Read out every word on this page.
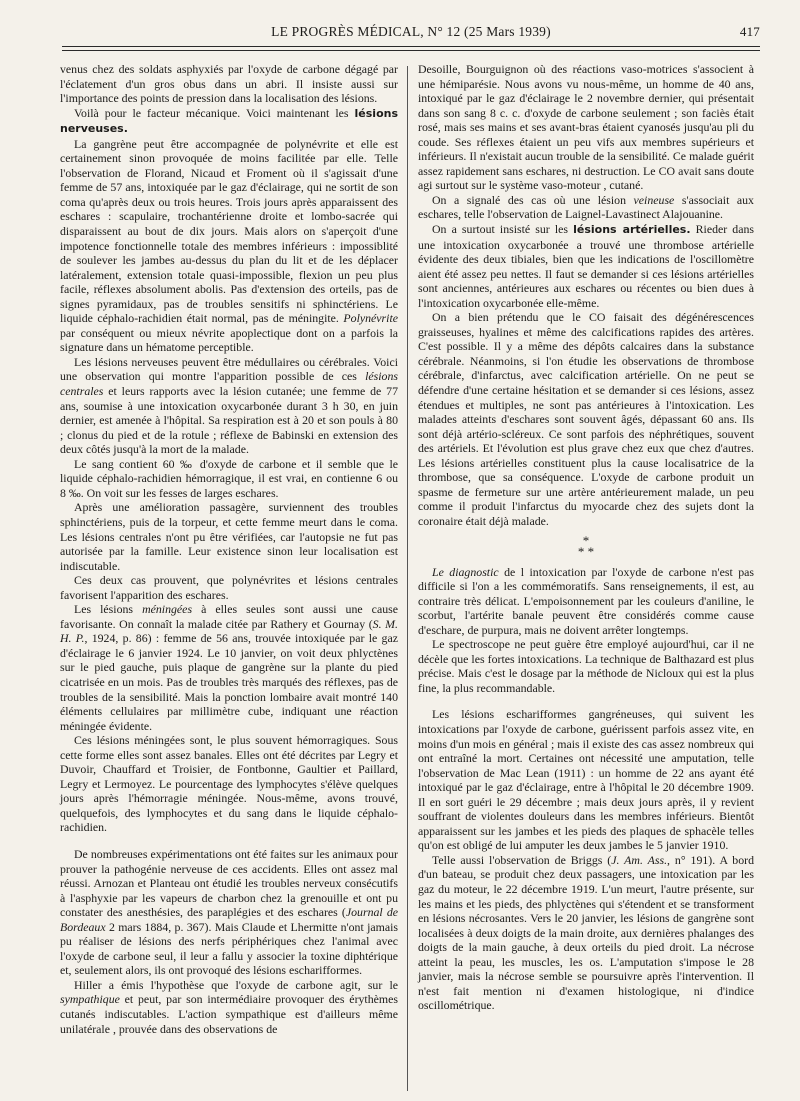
LE PROGRÈS MÉDICAL, N° 12 (25 Mars 1939)	417

venus chez des soldats asphyxiés par l'oxyde de carbone dégagé par l'éclatement d'un gros obus dans un abri. Il insiste aussi sur l'importance des points de pression dans la localisation des lésions.

Voilà pour le facteur mécanique. Voici maintenant les lésions nerveuses.

La gangrène peut être accompagnée de polynévrite et elle est certainement sinon provoquée de moins facilitée par elle. Telle l'observation de Florand, Nicaud et Froment où il s'agissait d'une femme de 57 ans, intoxiquée par le gaz d'éclairage, qui ne sortit de son coma qu'après deux ou trois heures. Trois jours après apparaissent des eschares : scapulaire, trochantérienne droite et lombo-sacrée qui disparaissent au bout de dix jours. Mais alors on s'aperçoit d'une impotence fonctionnelle totale des membres inférieurs : impossiblité de soulever les jambes au-dessus du plan du lit et de les déplacer latéralement, extension totale quasi-impossible, flexion un peu plus facile, réflexes absolument abolis. Pas d'extension des orteils, pas de signes pyramidaux, pas de troubles sensitifs ni sphinctériens. Le liquide céphalo-rachidien était normal, pas de méningite. Polynévrite par conséquent ou mieux névrite apoplectique dont on a parfois la signature dans un hématome perceptible.

Les lésions nerveuses peuvent être médullaires ou cérébrales. Voici une observation qui montre l'apparition possible de ces lésions centrales et leurs rapports avec la lésion cutanée; une femme de 77 ans, soumise à une intoxication oxycarbonée durant 3 h 30, en juin dernier, est amenée à l'hôpital. Sa respiration est à 20 et son pouls à 80 ; clonus du pied et de la rotule ; réflexe de Babinski en extension des deux côtés jusqu'à la mort de la malade.

Le sang contient 60 ‰ d'oxyde de carbone et il semble que le liquide céphalo-rachidien hémorragique, il est vrai, en contienne 6 ou 8 ‰. On voit sur les fesses de larges eschares.

Après une amélioration passagère, surviennent des troubles sphinctériens, puis de la torpeur, et cette femme meurt dans le coma. Les lésions centrales n'ont pu être vérifiées, car l'autopsie ne fut pas autorisée par la famille. Leur existence sinon leur localisation est indiscutable.

Ces deux cas prouvent, que polynévrites et lésions centrales favorisent l'apparition des eschares.

Les lésions méningées à elles seules sont aussi une cause favorisante. On connaît la malade citée par Rathery et Gournay (S. M. H. P., 1924, p. 86) : femme de 56 ans, trouvée intoxiquée par le gaz d'éclairage le 6 janvier 1924. Le 10 janvier, on voit deux phlyctènes sur le pied gauche, puis plaque de gangrène sur la plante du pied cicatrisée en un mois. Pas de troubles très marqués des réflexes, pas de troubles de la sensibilité. Mais la ponction lombaire avait montré 140 éléments cellulaires par millimètre cube, indiquant une réaction méningée évidente.

Ces lésions méningées sont, le plus souvent hémorragiques. Sous cette forme elles sont assez banales. Elles ont été décrites par Legry et Duvoir, Chauffard et Troisier, de Fontbonne, Gaultier et Paillard, Legry et Lermoyez. Le pourcentage des lymphocytes s'élève quelques jours après l'hémorragie méningée. Nous-même, avons trouvé, quelquefois, des lymphocytes et du sang dans le liquide céphalo-rachidien.

De nombreuses expérimentations ont été faites sur les animaux pour prouver la pathogénie nerveuse de ces accidents. Elles ont assez mal réussi. Arnozan et Planteau ont étudié les troubles nerveux consécutifs à l'asphyxie par les vapeurs de charbon chez la grenouille et ont pu constater des anesthésies, des paraplégies et des eschares (Journal de Bordeaux 2 mars 1884, p. 367). Mais Claude et Lhermitte n'ont jamais pu réaliser de lésions des nerfs périphériques chez l'animal avec l'oxyde de carbone seul, il leur a fallu y associer la toxine diphtérique et, seulement alors, ils ont provoqué des lésions escharifformes.

Hiller a émis l'hypothèse que l'oxyde de carbone agit, sur le sympathique et peut, par son intermédiaire provoquer des érythèmes cutanés indiscutables. L'action sympathique est d'ailleurs même unilatérale , prouvée dans des observations de

Desoille, Bourguignon où des réactions vaso-motrices s'associent à une hémiparésie. Nous avons vu nous-même, un homme de 40 ans, intoxiqué par le gaz d'éclairage le 2 novembre dernier, qui présentait dans son sang 8 c. c. d'oxyde de carbone seulement ; son faciès était rosé, mais ses mains et ses avant-bras étaient cyanosés jusqu'au pli du coude. Ses réflexes étaient un peu vifs aux membres supérieurs et inférieurs. Il n'existait aucun trouble de la sensibilité. Ce malade guérit assez rapidement sans eschares, ni destruction. Le CO avait sans doute agi surtout sur le système vaso-moteur , cutané.

On a signalé des cas où une lésion veineuse s'associait aux eschares, telle l'observation de Laignel-Lavastinect Alajouanine.

On a surtout insisté sur les lésions artérielles. Rieder dans une intoxication oxycarbonée a trouvé une thrombose artérielle évidente des deux tibiales, bien que les indications de l'oscillomètre aient été assez peu nettes. Il faut se demander si ces lésions artérielles sont anciennes, antérieures aux eschares ou récentes ou bien dues à l'intoxication oxycarbonée elle-même.

On a bien prétendu que le CO faisait des dégénérescences graisseuses, hyalines et même des calcifications rapides des artères. C'est possible. Il y a même des dépôts calcaires dans la substance cérébrale. Néanmoins, si l'on étudie les observations de thrombose cérébrale, d'infarctus, avec calcification artérielle. On ne peut se défendre d'une certaine hésitation et se demander si ces lésions, assez étendues et multiples, ne sont pas antérieures à l'intoxication. Les malades atteints d'eschares sont souvent âgés, dépassant 60 ans. Ils sont déjà artério-scléreux. Ce sont parfois des néphrétiques, souvent des artériels. Et l'évolution est plus grave chez eux que chez d'autres. Les lésions artérielles constituent plus la cause localisatrice de la thrombose, que sa conséquence. L'oxyde de carbone produit un spasme de fermeture sur une artère antérieurement malade, un peu comme il produit l'infarctus du myocarde chez des sujets dont la coronaire était déjà malade.

*
* *

Le diagnostic de l intoxication par l'oxyde de carbone n'est pas difficile si l'on a les commémoratifs. Sans renseignements, il est, au contraire très délicat. L'empoisonnement par les couleurs d'aniline, le scorbut, l'artérite banale peuvent être considérés comme cause d'eschare, de purpura, mais ne doivent arrêter longtemps.

Le spectroscope ne peut guère être employé aujourd'hui, car il ne décèle que les fortes intoxications. La technique de Balthazard est plus précise. Mais c'est le dosage par la méthode de Nicloux qui est la plus fine, la plus recommandable.

Les lésions escharifformes gangréneuses, qui suivent les intoxications par l'oxyde de carbone, guérissent parfois assez vite, en moins d'un mois en général ; mais il existe des cas assez nombreux qui ont entraîné la mort. Certaines ont nécessité une amputation, telle l'observation de Mac Lean (1911) : un homme de 22 ans ayant été intoxiqué par le gaz d'éclairage, entre à l'hôpital le 20 décembre 1909. Il en sort guéri le 29 décembre ; mais deux jours après, il y revient souffrant de violentes douleurs dans les membres inférieurs. Bientôt apparaissent sur les jambes et les pieds des plaques de sphacèle telles qu'on est obligé de lui amputer les deux jambes le 5 janvier 1910.

Telle aussi l'observation de Briggs (J. Am. Ass., n° 191). A bord d'un bateau, se produit chez deux passagers, une intoxication par les gaz du moteur, le 22 décembre 1919. L'un meurt, l'autre présente, sur les mains et les pieds, des phlyctènes qui s'étendent et se transforment en lésions nécrosantes. Vers le 20 janvier, les lésions de gangrène sont localisées à deux doigts de la main droite, aux dernières phalanges des doigts de la main gauche, à deux orteils du pied droit. La nécrose atteint la peau, les muscles, les os. L'amputation s'impose le 28 janvier, mais la nécrose semble se poursuivre après l'intervention. Il n'est fait mention ni d'examen histologique, ni d'indice oscillométrique.
